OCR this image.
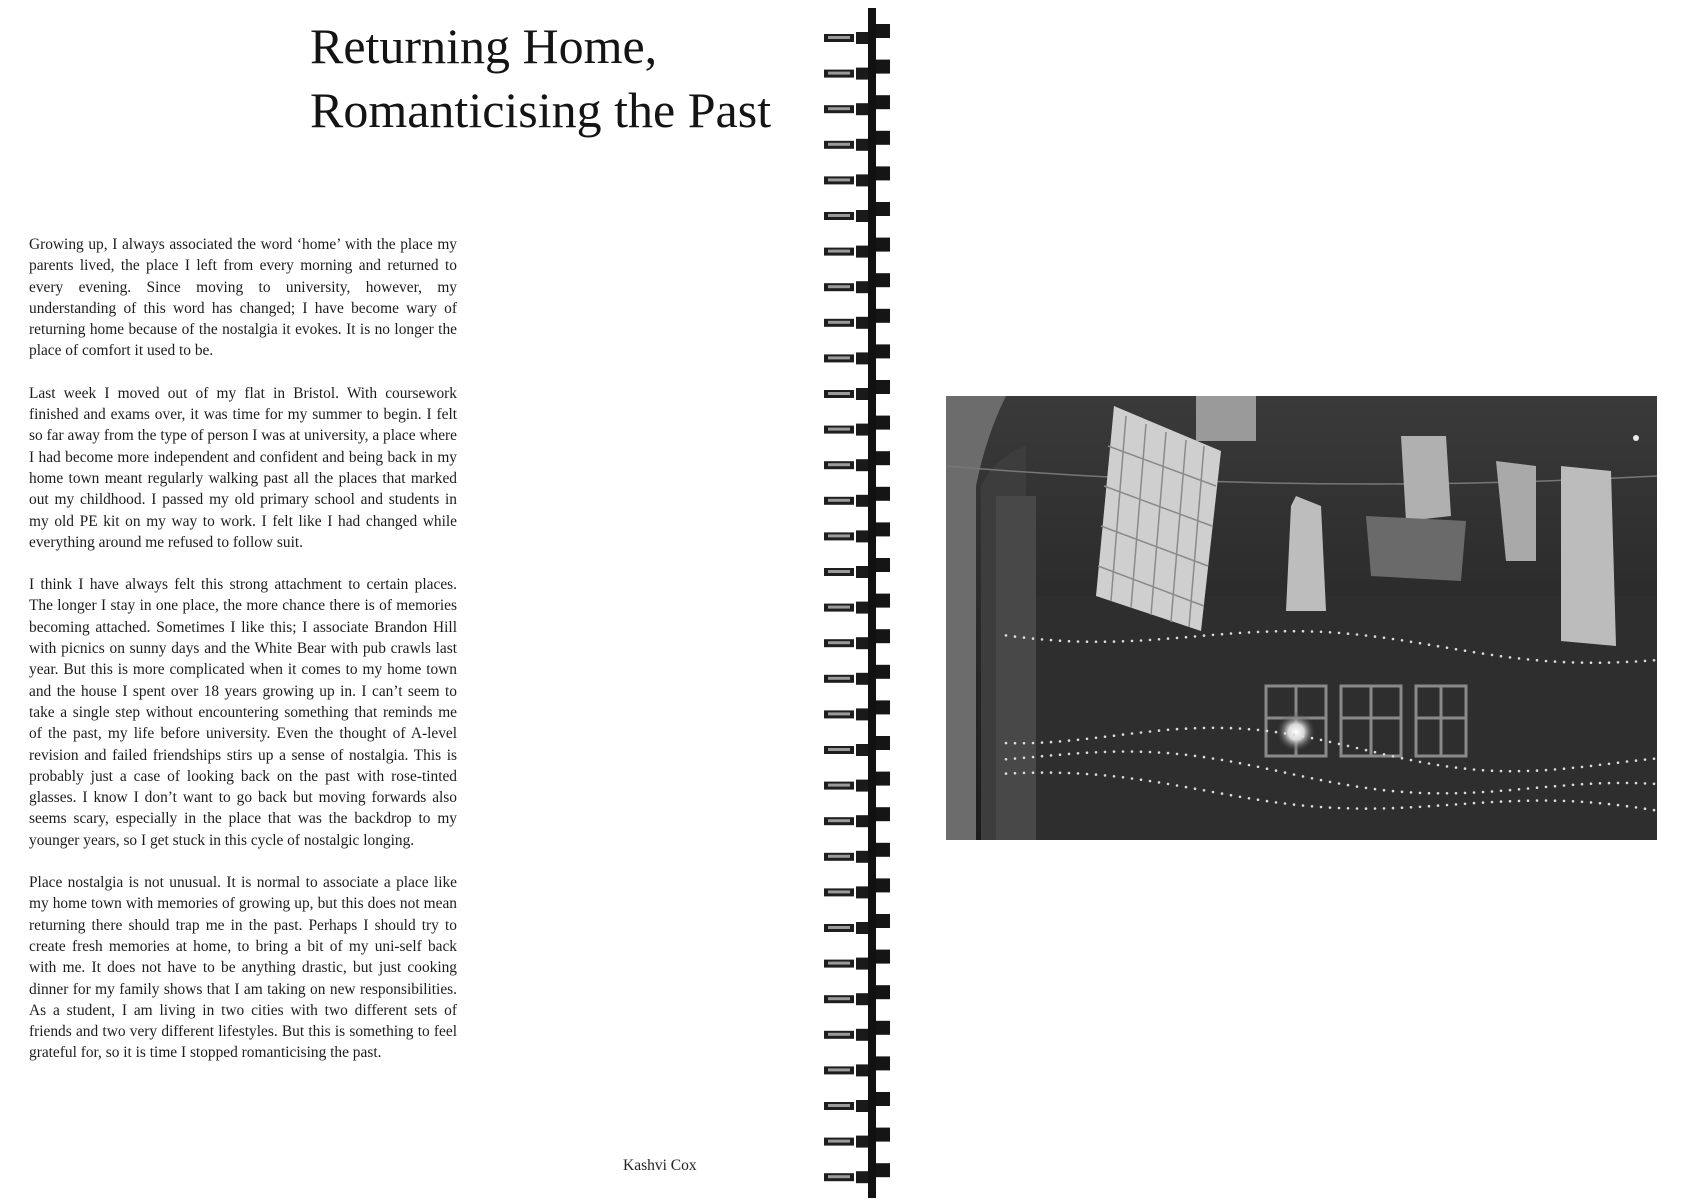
Returning Home,
Romanticising the Past

Growing up, I always associated the word ‘home’ with the place my parents lived, the place I left from every morning and returned to every evening. Since moving to university, however, my understanding of this word has changed; I have become wary of returning home because of the nostalgia it evokes. It is no longer the place of comfort it used to be.

Last week I moved out of my flat in Bristol. With coursework finished and exams over, it was time for my summer to begin. I felt so far away from the type of person I was at university, a place where I had become more independent and confident and being back in my home town meant regularly walking past all the places that marked out my childhood. I passed my old primary school and students in my old PE kit on my way to work. I felt like I had changed while everything around me refused to follow suit.

I think I have always felt this strong attachment to certain places. The longer I stay in one place, the more chance there is of memories becoming attached. Sometimes I like this; I associate Brandon Hill with picnics on sunny days and the White Bear with pub crawls last year. But this is more complicated when it comes to my home town and the house I spent over 18 years growing up in. I can’t seem to take a single step without encountering something that reminds me of the past, my life before university. Even the thought of A-level revision and failed friendships stirs up a sense of nostalgia. This is probably just a case of looking back on the past with rose-tinted glasses. I know I don’t want to go back but moving forwards also seems scary, especially in the place that was the backdrop to my younger years, so I get stuck in this cycle of nostalgic longing.

Place nostalgia is not unusual. It is normal to associate a place like my home town with memories of growing up, but this does not mean returning there should trap me in the past. Perhaps I should try to create fresh memories at home, to bring a bit of my uni-self back with me. It does not have to be anything drastic, but just cooking dinner for my family shows that I am taking on new responsibilities. As a student, I am living in two cities with two different sets of friends and two very different lifestyles. But this is something to feel grateful for, so it is time I stopped romanticising the past.

Kashvi Cox
